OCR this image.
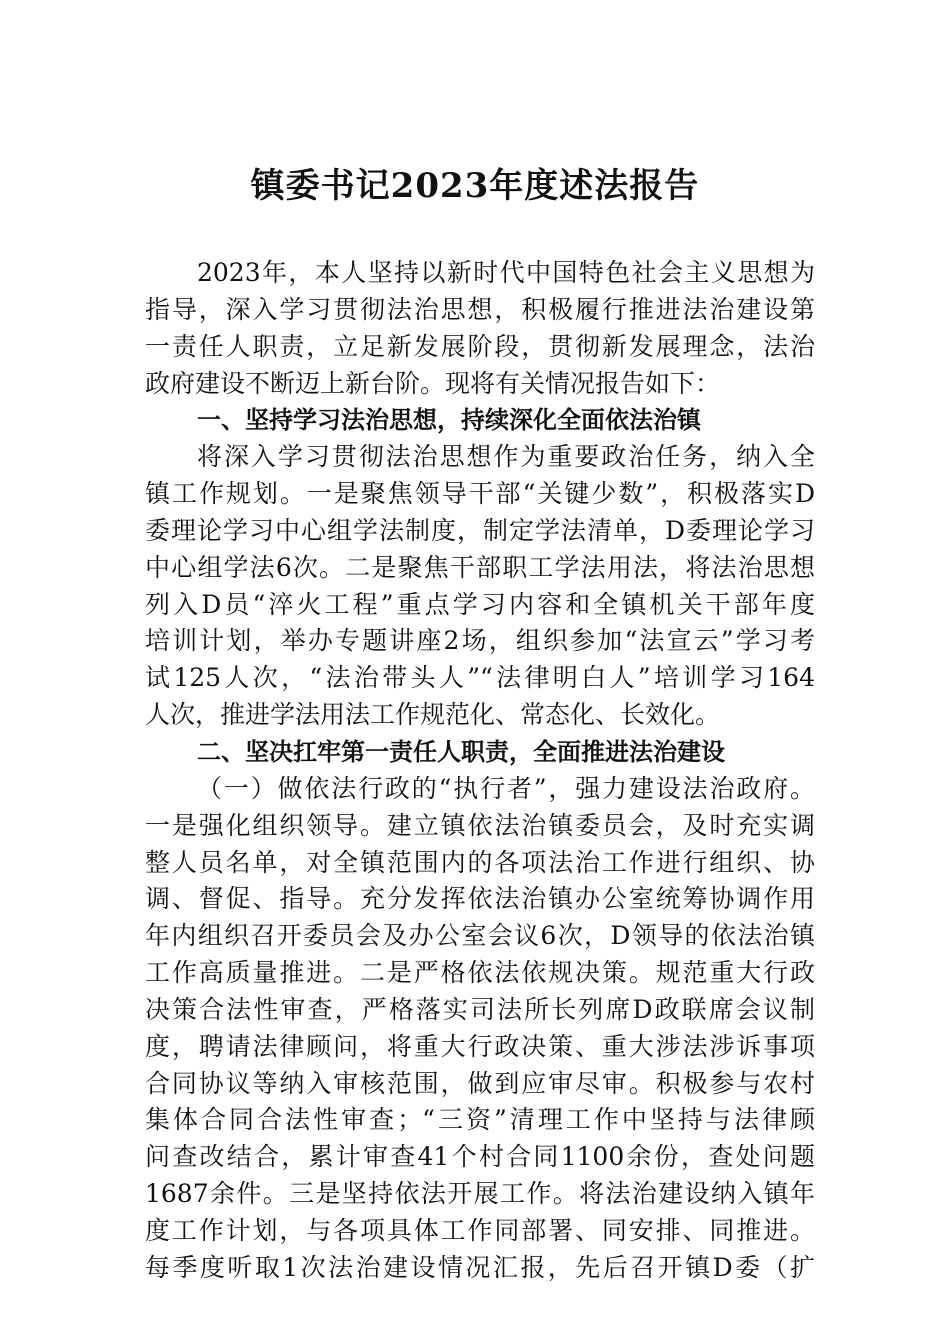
镇委书记2023年度述法报告
2023年，本人坚持以新时代中国特色社会主义思想为
指导，深入学习贯彻法治思想，积极履行推进法治建设第
一责任人职责，立足新发展阶段，贯彻新发展理念，法治
政府建设不断迈上新台阶。现将有关情况报告如下：
一、坚持学习法治思想，持续深化全面依法治镇
将深入学习贯彻法治思想作为重要政治任务，纳入全
镇工作规划。一是聚焦领导干部“关键少数”，积极落实D
委理论学习中心组学法制度，制定学法清单，D委理论学习
中心组学法6次。二是聚焦干部职工学法用法，将法治思想
列入D员“淬火工程”重点学习内容和全镇机关干部年度
培训计划，举办专题讲座2场，组织参加“法宣云”学习考
试125人次，“法治带头人”“法律明白人”培训学习164
人次，推进学法用法工作规范化、常态化、长效化。
二、坚决扛牢第一责任人职责，全面推进法治建设
（一）做依法行政的“执行者”，强力建设法治政府。
一是强化组织领导。建立镇依法治镇委员会，及时充实调
整人员名单，对全镇范围内的各项法治工作进行组织、协
调、督促、指导。充分发挥依法治镇办公室统筹协调作用
年内组织召开委员会及办公室会议6次，D领导的依法治镇
工作高质量推进。二是严格依法依规决策。规范重大行政
决策合法性审查，严格落实司法所长列席D政联席会议制
度，聘请法律顾问，将重大行政决策、重大涉法涉诉事项
合同协议等纳入审核范围，做到应审尽审。积极参与农村
集体合同合法性审查；“三资”清理工作中坚持与法律顾
问查改结合，累计审查41个村合同1100余份，查处问题
1687余件。三是坚持依法开展工作。将法治建设纳入镇年
度工作计划，与各项具体工作同部署、同安排、同推进。
每季度听取1次法治建设情况汇报，先后召开镇D委（扩
